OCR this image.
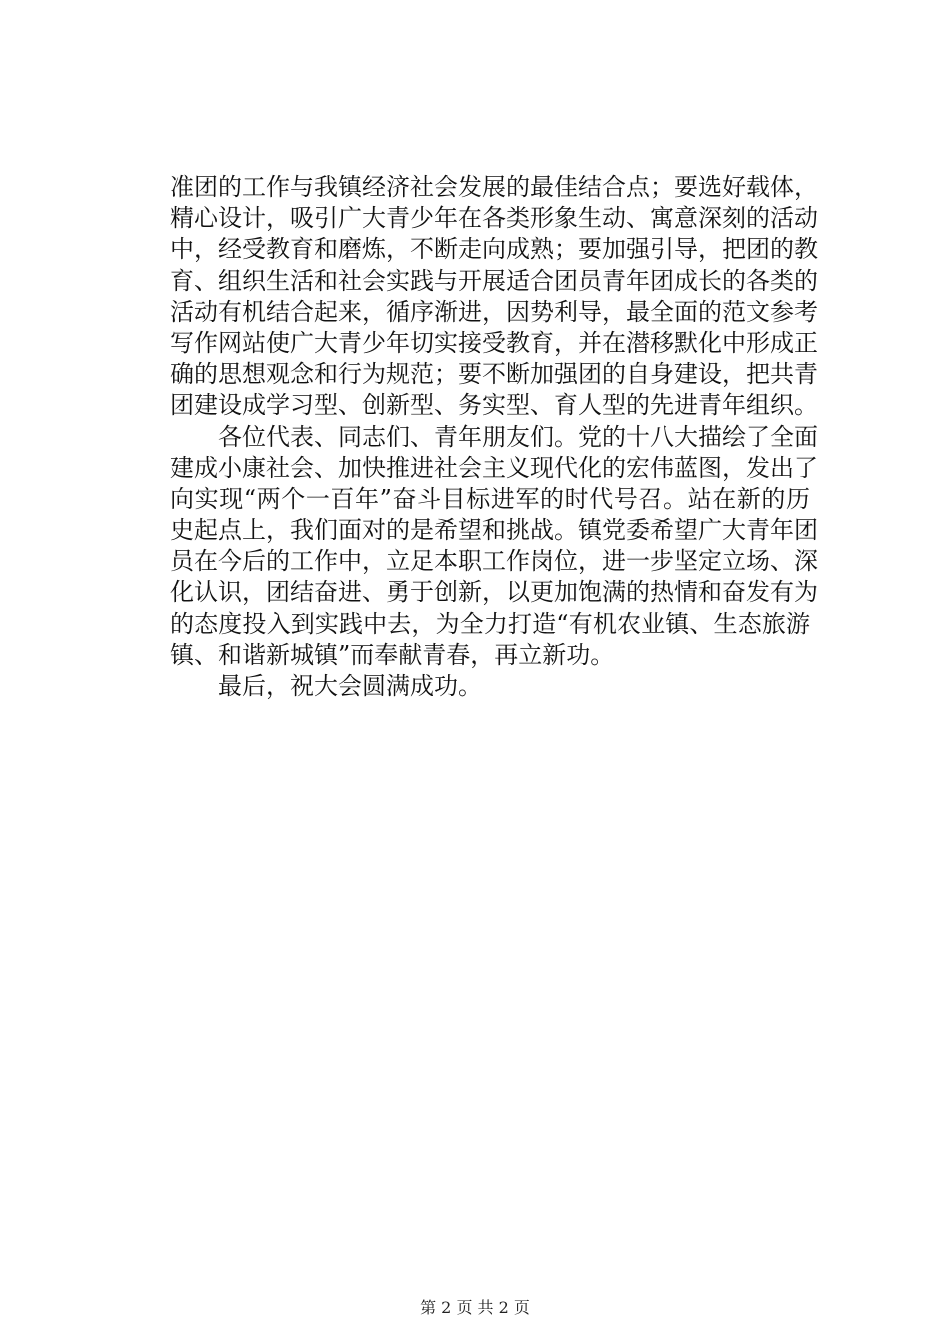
准团的工作与我镇经济社会发展的最佳结合点；要选好载体，
精心设计，吸引广大青少年在各类形象生动、寓意深刻的活动
中，经受教育和磨炼，不断走向成熟；要加强引导，把团的教
育、组织生活和社会实践与开展适合团员青年团成长的各类的
活动有机结合起来，循序渐进，因势利导，最全面的范文参考
写作网站使广大青少年切实接受教育，并在潜移默化中形成正
确的思想观念和行为规范；要不断加强团的自身建设，把共青
团建设成学习型、创新型、务实型、育人型的先进青年组织。
　　各位代表、同志们、青年朋友们。党的十八大描绘了全面
建成小康社会、加快推进社会主义现代化的宏伟蓝图，发出了
向实现“两个一百年”奋斗目标进军的时代号召。站在新的历
史起点上，我们面对的是希望和挑战。镇党委希望广大青年团
员在今后的工作中，立足本职工作岗位，进一步坚定立场、深
化认识，团结奋进、勇于创新，以更加饱满的热情和奋发有为
的态度投入到实践中去，为全力打造“有机农业镇、生态旅游
镇、和谐新城镇”而奉献青春，再立新功。
　　最后，祝大会圆满成功。
第 2 页 共 2 页
